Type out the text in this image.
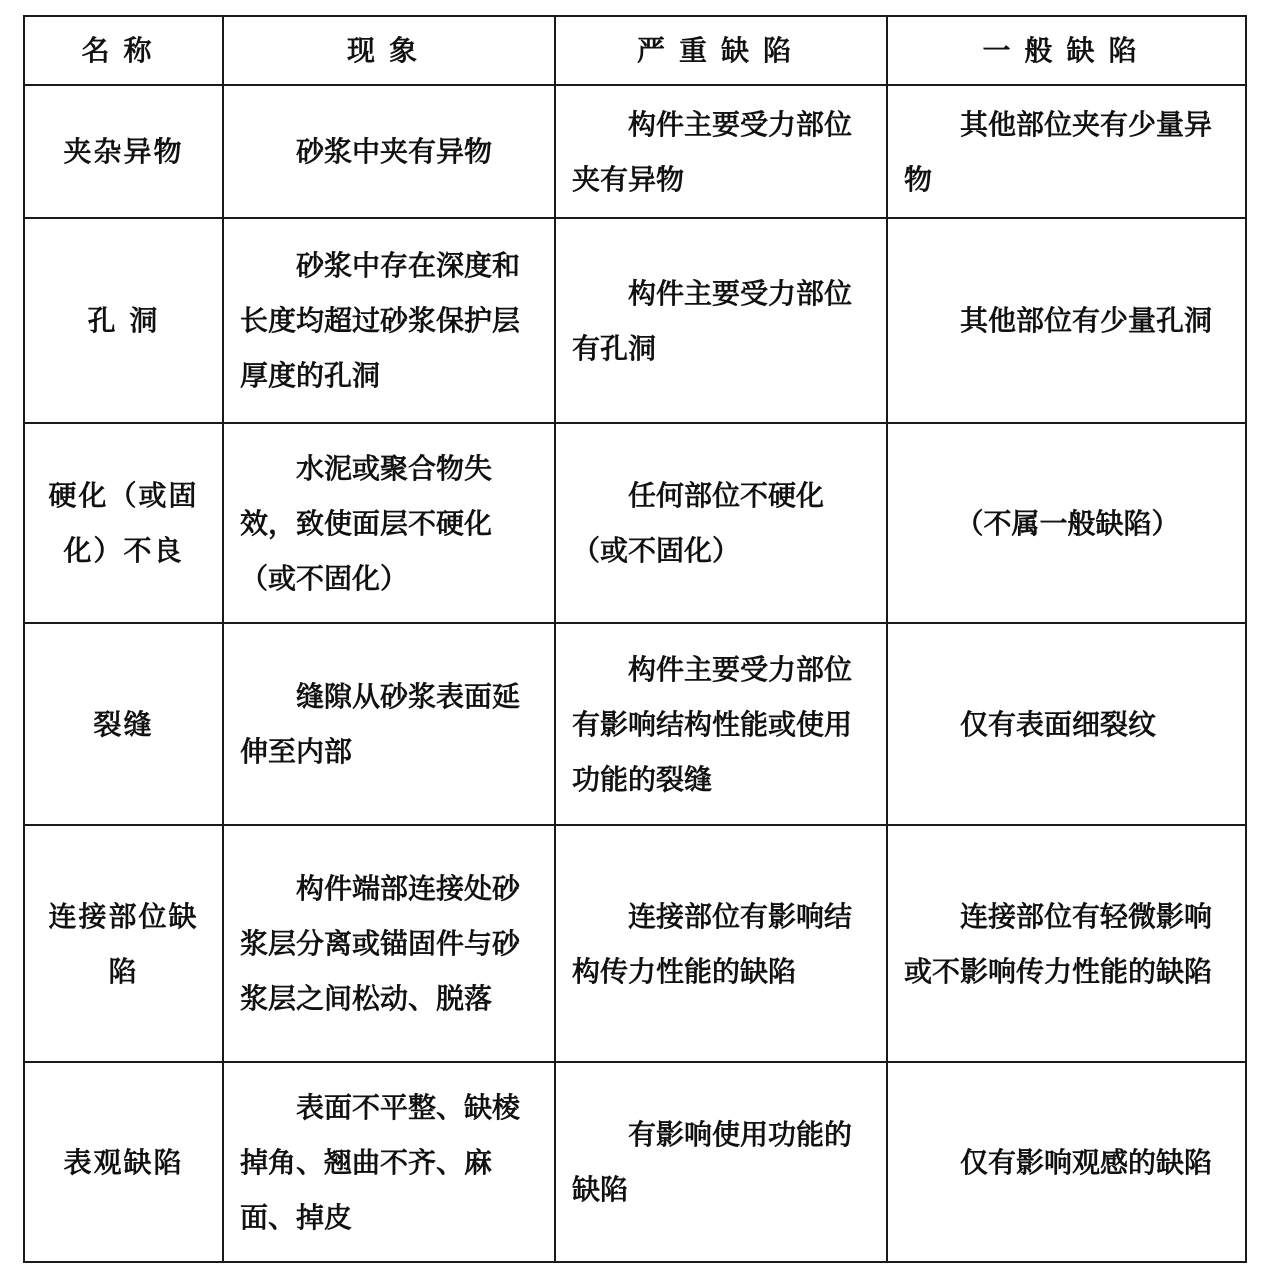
名称	现象	严重缺陷	一般缺陷
夹杂异物	砂浆中夹有异物	构件主要受力部位夹有异物	其他部位夹有少量异物
孔 洞	砂浆中存在深度和长度均超过砂浆保护层厚度的孔洞	构件主要受力部位有孔洞	其他部位有少量孔洞
硬化（或固化）不良	水泥或聚合物失效，致使面层不硬化（或不固化）	任何部位不硬化（或不固化）	（不属一般缺陷）
裂缝	缝隙从砂浆表面延伸至内部	构件主要受力部位有影响结构性能或使用功能的裂缝	仅有表面细裂纹
连接部位缺陷	构件端部连接处砂浆层分离或锚固件与砂浆层之间松动、脱落	连接部位有影响结构传力性能的缺陷	连接部位有轻微影响或不影响传力性能的缺陷
表观缺陷	表面不平整、缺棱掉角、翘曲不齐、麻面、掉皮	有影响使用功能的缺陷	仅有影响观感的缺陷
